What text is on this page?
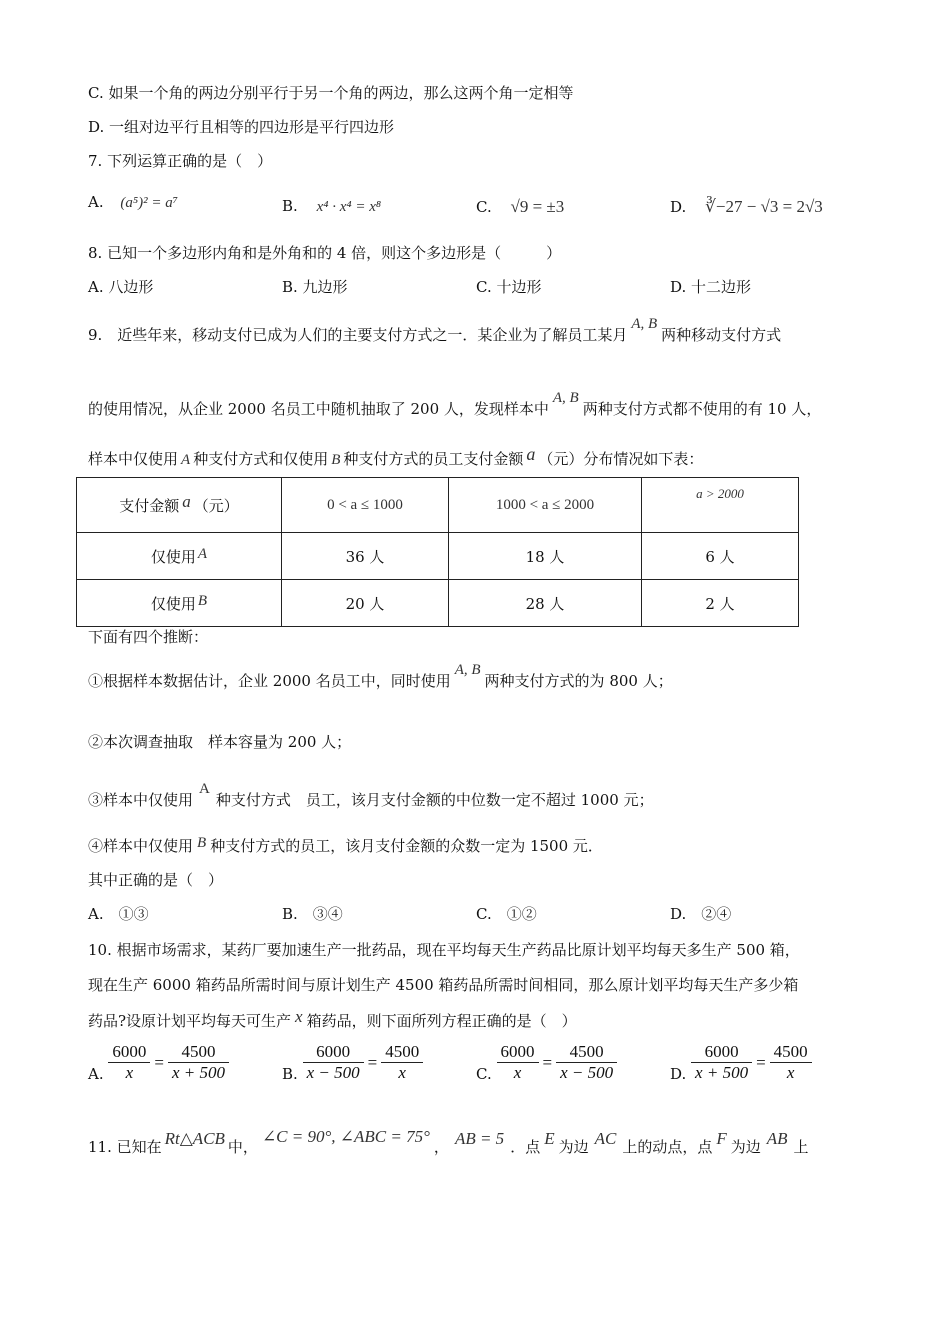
C. 如果一个角的两边分别平行于另一个角的两边，那么这两个角一定相等
D. 一组对边平行且相等的四边形是平行四边形
7. 下列运算正确的是（　）
A. (a⁵)² = a⁷	B. x⁴ · x⁴ = x⁸	C. √9 = ±3	D. ∛−27 − √3 = 2√3
8. 已知一个多边形内角和是外角和的 4 倍，则这个多边形是（　　　）
A. 八边形	B. 九边形	C. 十边形	D. 十二边形
9.　近些年来，移动支付已成为人们的主要支付方式之一．某企业为了解员工某月A, B两种移动支付方式
的使用情况，从企业 2000 名员工中随机抽取了 200 人，发现样本中A, B两种支付方式都不使用的有 10 人，
样本中仅使用 A 种支付方式和仅使用 B 种支付方式的员工支付金额 a （元）分布情况如下表：
支付金额 a （元）	0 < a ≤ 1000	1000 < a ≤ 2000	a > 2000
仅使用 A	36 人	18 人	6 人
仅使用 B	20 人	28 人	2 人
下面有四个推断：
①根据样本数据估计，企业 2000 名员工中，同时使用A, B两种支付方式的为 800 人；
②本次调查抽取　样本容量为 200 人；
③样本中仅使用A种支付方式　员工，该月支付金额的中位数一定不超过 1000 元；
④样本中仅使用 B 种支付方式的员工，该月支付金额的众数一定为 1500 元．
其中正确的是（　）
A.　①③	B.　③④	C.　①②	D.　②④
10. 根据市场需求，某药厂要加速生产一批药品，现在平均每天生产药品比原计划平均每天多生产 500 箱，
现在生产 6000 箱药品所需时间与原计划生产 4500 箱药品所需时间相同，那么原计划平均每天生产多少箱
药品?设原计划平均每天可生产 x 箱药品，则下面所列方程正确的是（　）
A. $\frac{6000}{x} = \frac{4500}{x + 500}$	B. $\frac{6000}{x - 500} = \frac{4500}{x}$	C. $\frac{6000}{x} = \frac{4500}{x - 500}$	D. $\frac{6000}{x + 500} = \frac{4500}{x}$
11. 已知在 Rt△ACB 中，∠C = 90°, ∠ABC = 75°， AB = 5 ．点 E 为边 AC 上的动点，点 F 为边 AB 上
